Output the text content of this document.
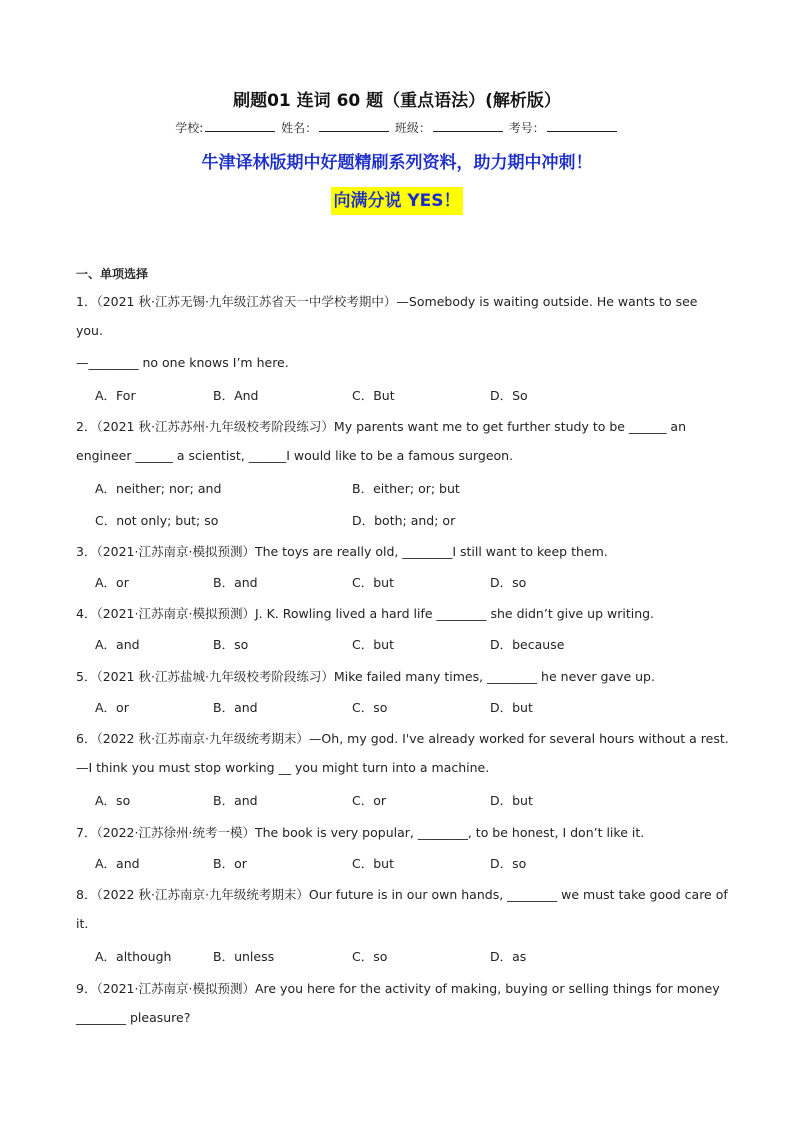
刷题01 连词 60 题（重点语法）(解析版）
学校:	姓名：	班级：	考号：
牛津译林版期中好题精刷系列资料，助力期中冲刺！
向满分说 YES！
一、单项选择
1．（2021 秋·江苏无锡·九年级江苏省天一中学校考期中）—Somebody is waiting outside. He wants to see
you.
—________ no one knows I’m here.
A．For	B．And	C．But	D．So
2．（2021 秋·江苏苏州·九年级校考阶段练习）My parents want me to get further study to be ______ an
engineer ______ a scientist, ______I would like to be a famous surgeon.
A．neither; nor; and	B．either; or; but
C．not only; but; so	D．both; and; or
3．（2021·江苏南京·模拟预测）The toys are really old, ________I still want to keep them.
A．or	B．and	C．but	D．so
4．（2021·江苏南京·模拟预测）J. K. Rowling lived a hard life ________ she didn’t give up writing.
A．and	B．so	C．but	D．because
5．（2021 秋·江苏盐城·九年级校考阶段练习）Mike failed many times, ________ he never gave up.
A．or	B．and	C．so	D．but
6．（2022 秋·江苏南京·九年级统考期末）—Oh, my god. I've already worked for several hours without a rest.
—I think you must stop working __ you might turn into a machine.
A．so	B．and	C．or	D．but
7．（2022·江苏徐州·统考一模）The book is very popular, ________, to be honest, I don’t like it.
A．and	B．or	C．but	D．so
8．（2022 秋·江苏南京·九年级统考期末）Our future is in our own hands, ________ we must take good care of
it.
A．although	B．unless	C．so	D．as
9．（2021·江苏南京·模拟预测）Are you here for the activity of making, buying or selling things for money
________ pleasure?
